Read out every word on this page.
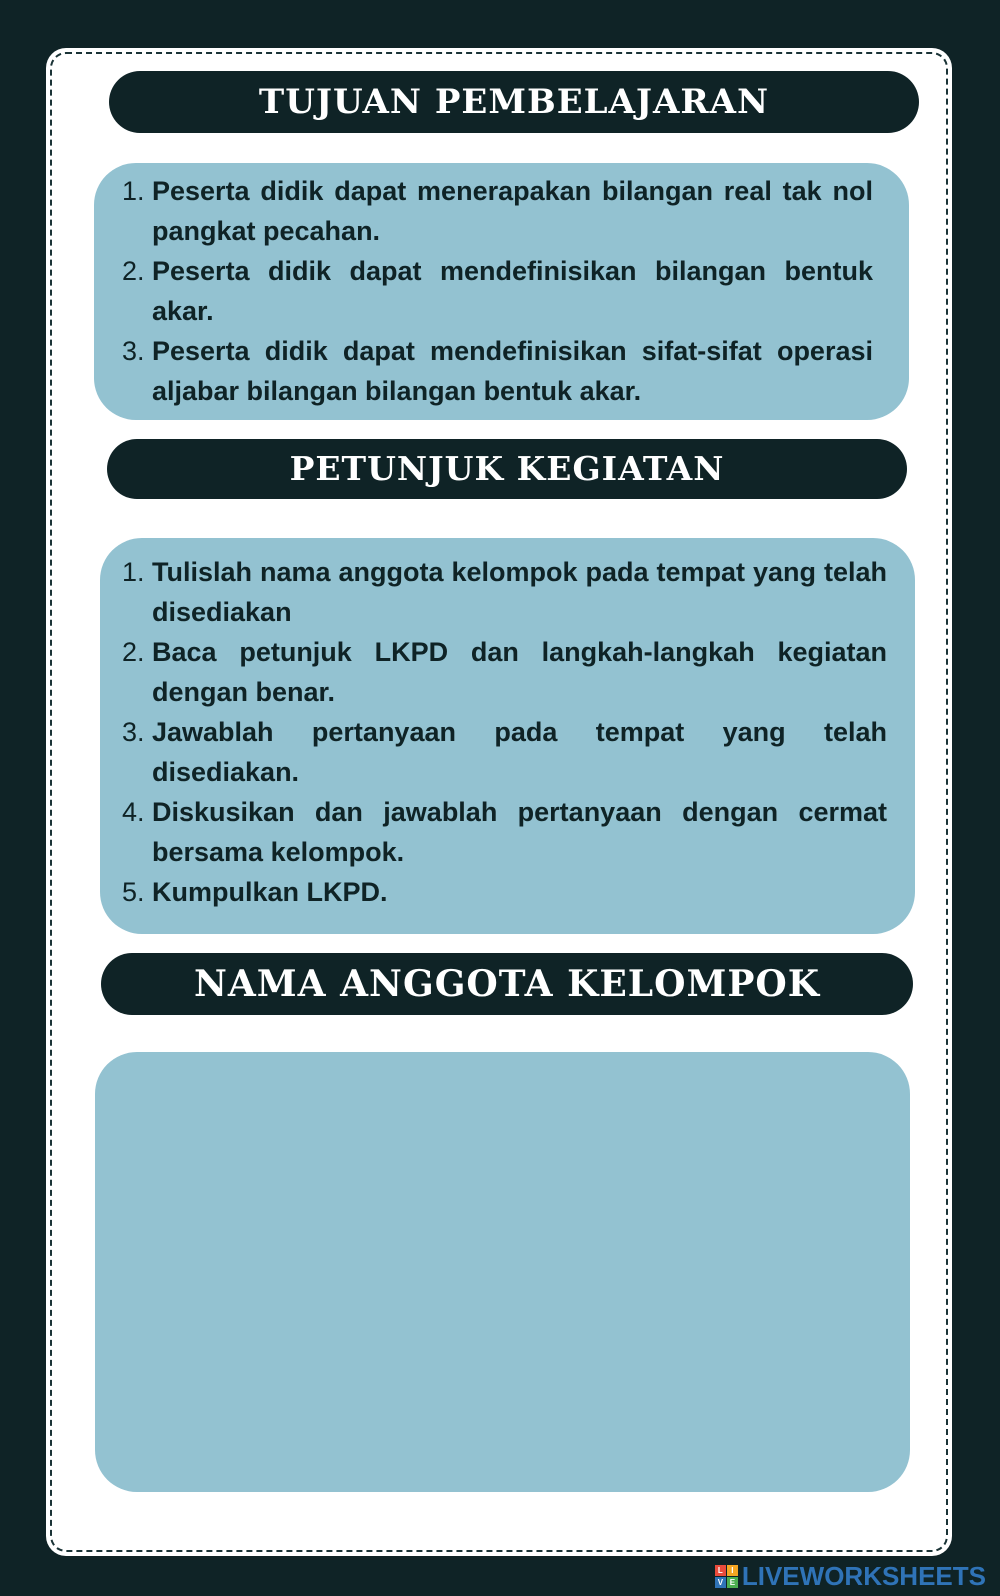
TUJUAN PEMBELAJARAN
1. Peserta didik dapat menerapakan bilangan real tak nol pangkat pecahan.
2. Peserta didik dapat mendefinisikan bilangan bentuk akar.
3. Peserta didik dapat mendefinisikan sifat-sifat operasi aljabar bilangan bilangan bentuk akar.
PETUNJUK KEGIATAN
1. Tulislah nama anggota kelompok pada tempat yang telah disediakan
2. Baca petunjuk LKPD dan langkah-langkah kegiatan dengan benar.
3. Jawablah pertanyaan pada tempat yang telah disediakan.
4. Diskusikan dan jawablah pertanyaan dengan cermat bersama kelompok.
5. Kumpulkan LKPD.
NAMA ANGGOTA KELOMPOK
L	I
V E LIVEWORKSHEETS
